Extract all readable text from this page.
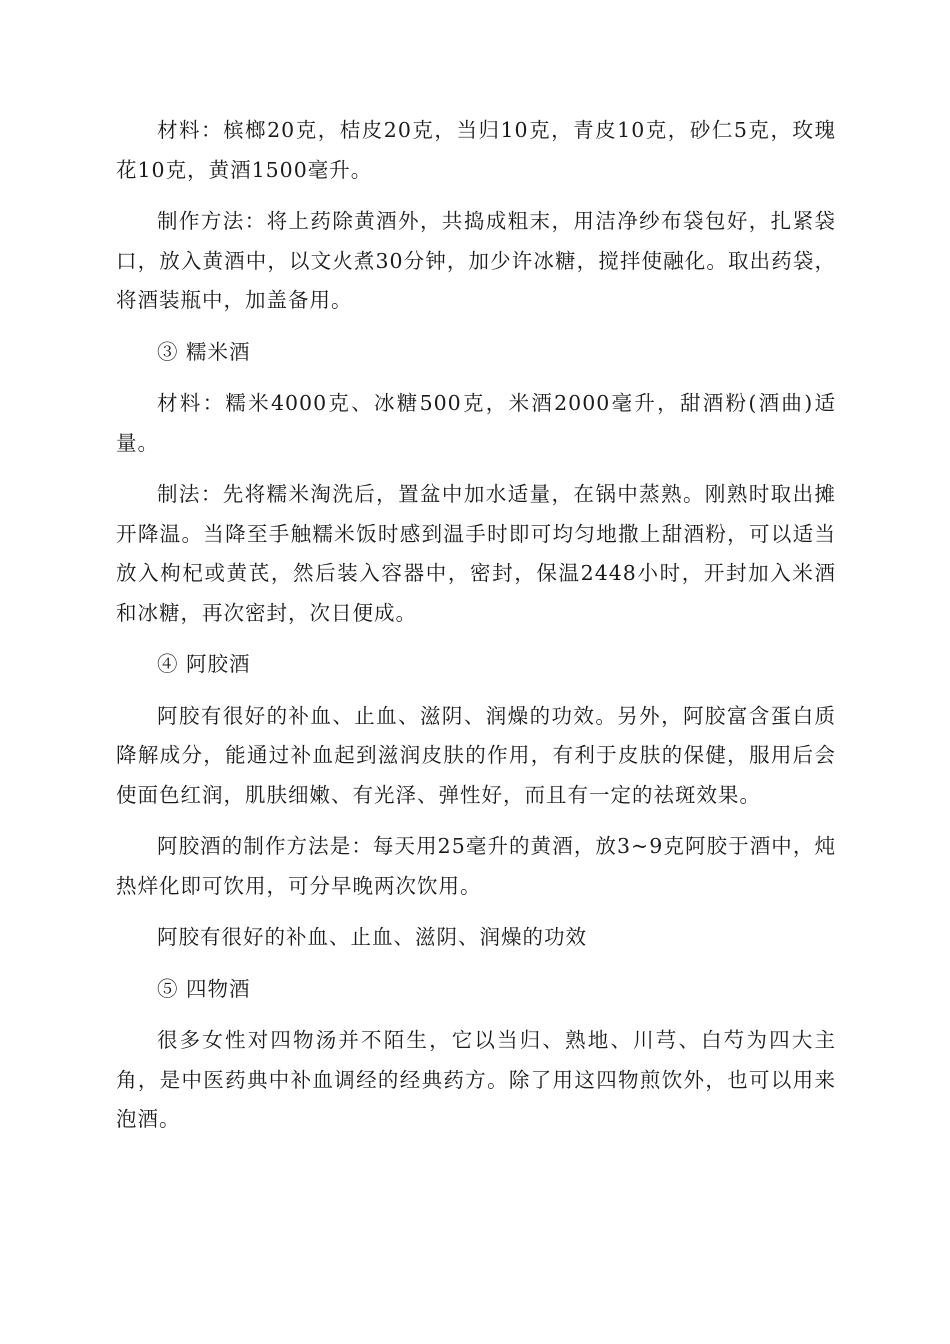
材料：槟榔20克，桔皮20克，当归10克，青皮10克，砂仁5克，玫瑰花10克，黄酒1500毫升。

制作方法：将上药除黄酒外，共捣成粗末，用洁净纱布袋包好，扎紧袋口，放入黄酒中，以文火煮30分钟，加少许冰糖，搅拌使融化。取出药袋，将酒装瓶中，加盖备用。

③ 糯米酒

材料：糯米4000克、冰糖500克，米酒2000毫升，甜酒粉(酒曲)适量。

制法：先将糯米淘洗后，置盆中加水适量，在锅中蒸熟。刚熟时取出摊开降温。当降至手触糯米饭时感到温手时即可均匀地撒上甜酒粉，可以适当放入枸杞或黄芪，然后装入容器中，密封，保温2448小时，开封加入米酒和冰糖，再次密封，次日便成。

④ 阿胶酒

阿胶有很好的补血、止血、滋阴、润燥的功效。另外，阿胶富含蛋白质降解成分，能通过补血起到滋润皮肤的作用，有利于皮肤的保健，服用后会使面色红润，肌肤细嫩、有光泽、弹性好，而且有一定的祛斑效果。

阿胶酒的制作方法是：每天用25毫升的黄酒，放3~9克阿胶于酒中，炖热烊化即可饮用，可分早晚两次饮用。

阿胶有很好的补血、止血、滋阴、润燥的功效

⑤ 四物酒

很多女性对四物汤并不陌生，它以当归、熟地、川芎、白芍为四大主角，是中医药典中补血调经的经典药方。除了用这四物煎饮外，也可以用来泡酒。
